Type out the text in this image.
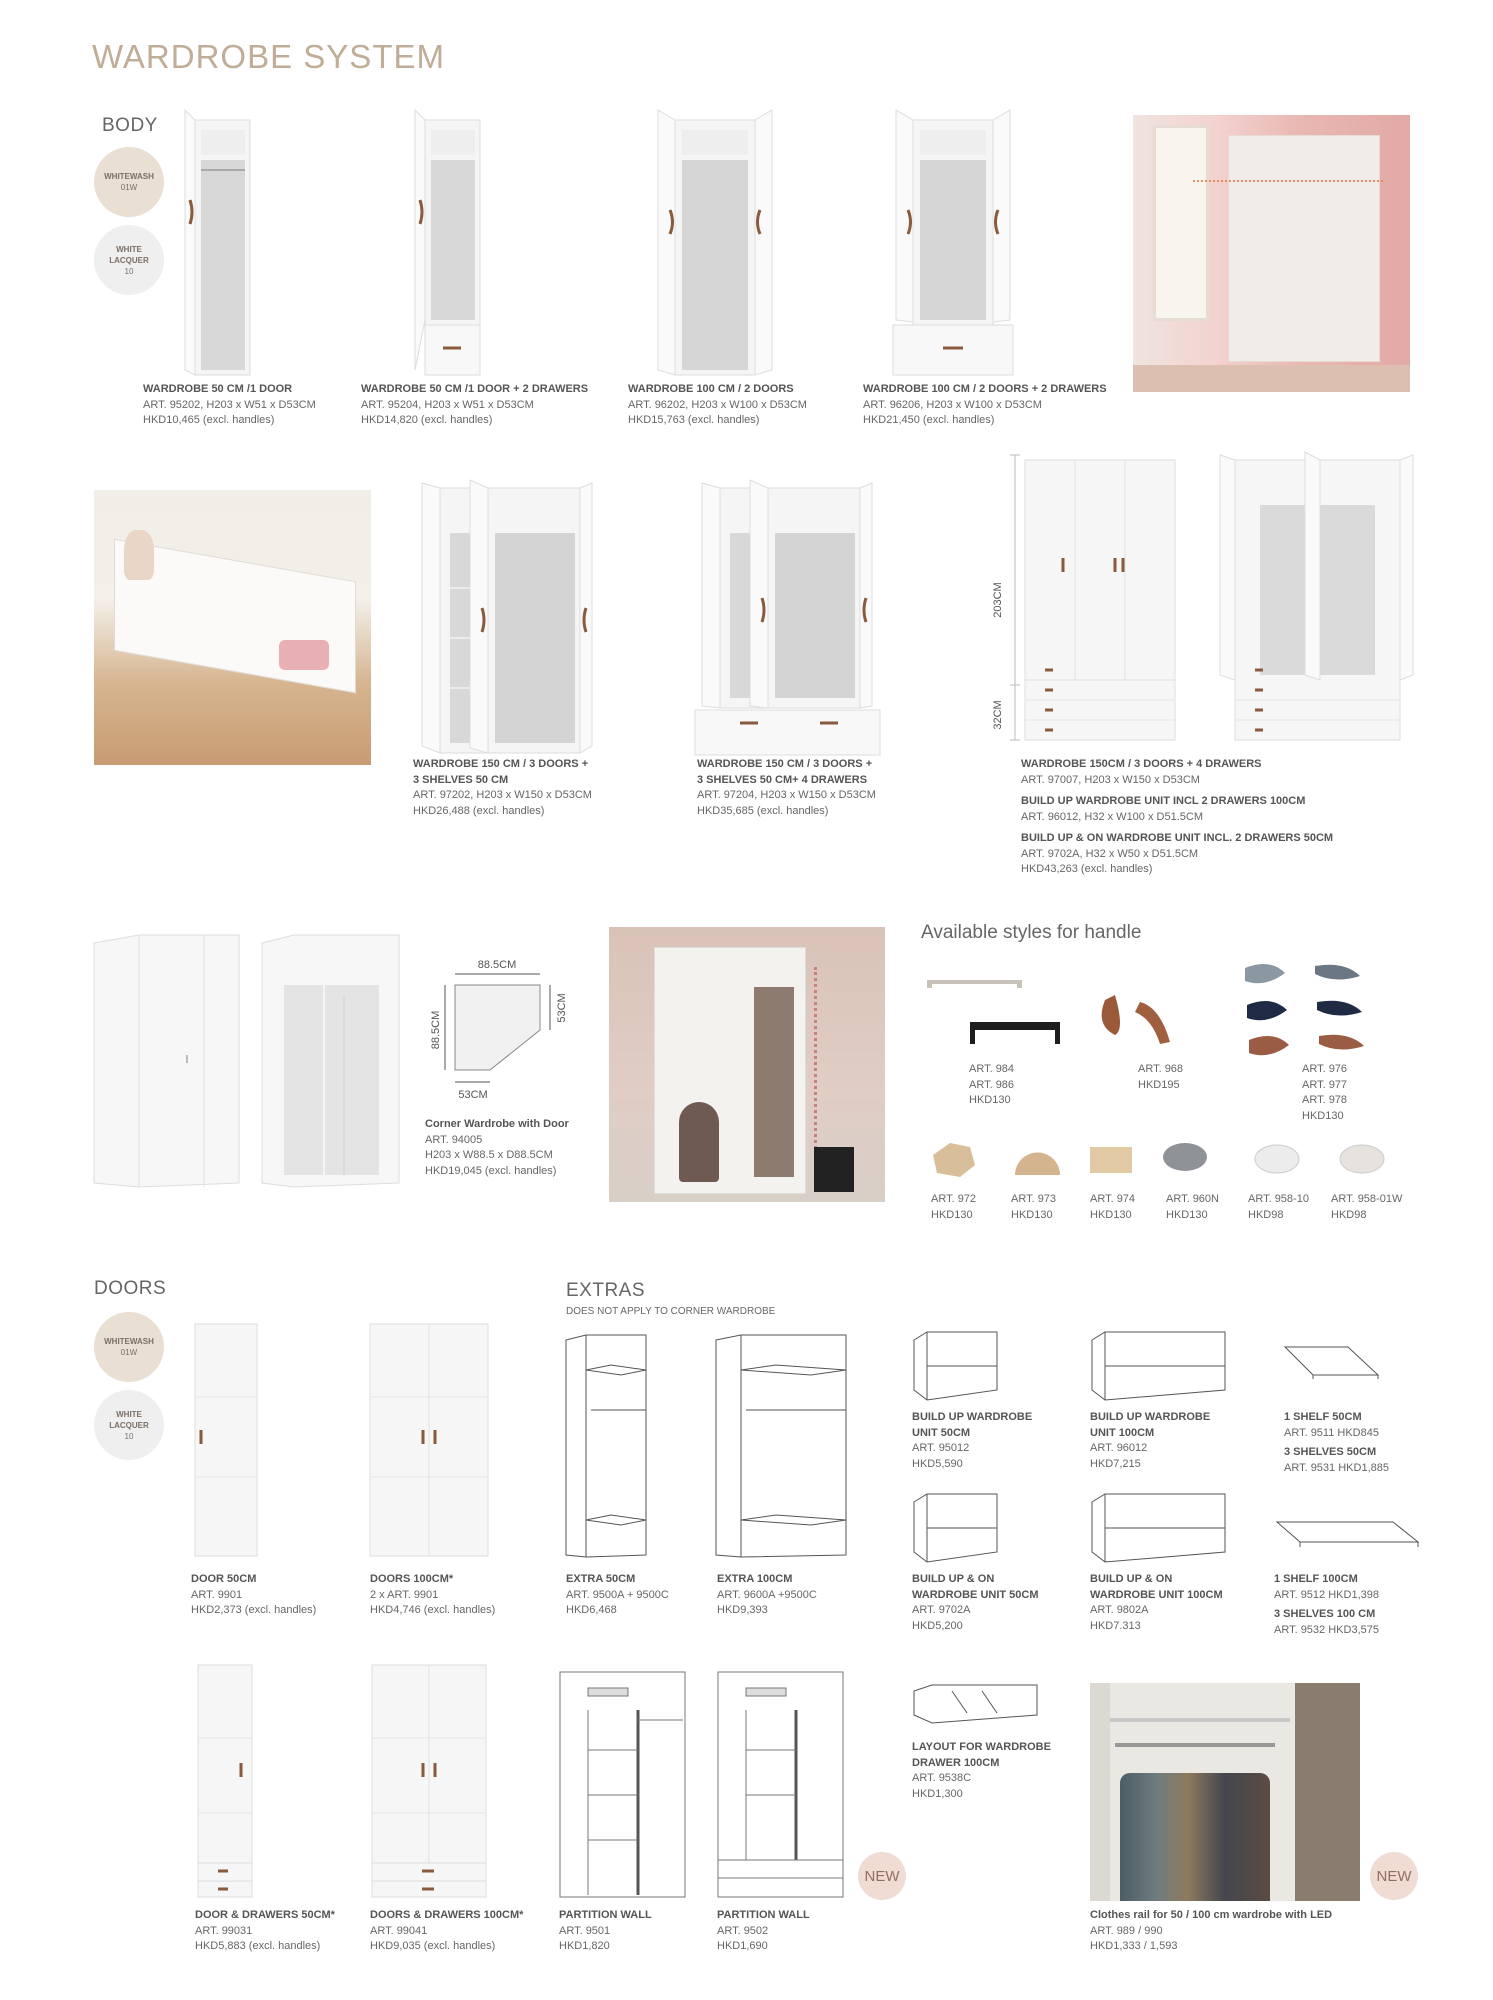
WARDROBE SYSTEM
BODY
WHITEWASH
01W
WHITE LACQUER
10
WARDROBE 50 CM /1 DOOR
ART. 95202, H203 x W51 x D53CM
HKD10,465 (excl. handles)
WARDROBE 50 CM /1 DOOR + 2 DRAWERS
ART. 95204, H203 x W51 x D53CM
HKD14,820 (excl. handles)
WARDROBE 100 CM / 2 DOORS
ART. 96202, H203 x W100 x D53CM
HKD15,763 (excl. handles)
WARDROBE 100 CM / 2 DOORS + 2 DRAWERS
ART. 96206, H203 x W100 x D53CM
HKD21,450 (excl. handles)
203CM
32CM
WARDROBE 150 CM / 3 DOORS +
3 SHELVES 50 CM
ART. 97202, H203 x W150 x D53CM
HKD26,488 (excl. handles)
WARDROBE 150 CM / 3 DOORS +
3 SHELVES 50 CM+ 4 DRAWERS
ART. 97204, H203 x W150 x D53CM
HKD35,685 (excl. handles)
WARDROBE 150CM / 3 DOORS + 4 DRAWERS
ART. 97007, H203 x W150 x D53CM
BUILD UP WARDROBE UNIT INCL 2 DRAWERS 100CM
ART. 96012, H32 x W100 x D51.5CM
BUILD UP & ON WARDROBE UNIT INCL. 2 DRAWERS 50CM
ART. 9702A, H32 x W50 x D51.5CM
HKD43,263 (excl. handles)
88.5CM
88.5CM
53CM
53CM
Corner Wardrobe with Door
ART. 94005
H203 x W88.5 x D88.5CM
HKD19,045 (excl. handles)
Available styles for handle
ART. 984
ART. 986
HKD130
ART. 968
HKD195
ART. 976
ART. 977
ART. 978
HKD130
ART. 972
HKD130
ART. 973
HKD130
ART. 974
HKD130
ART. 960N
HKD130
ART. 958-10
HKD98
ART. 958-01W
HKD98
DOORS
WHITEWASH
01W
WHITE LACQUER
10
DOOR 50CM
ART. 9901
HKD2,373 (excl. handles)
DOORS 100CM*
2 x ART. 9901
HKD4,746 (excl. handles)
DOOR & DRAWERS 50CM*
ART. 99031
HKD5,883 (excl. handles)
DOORS & DRAWERS 100CM*
ART. 99041
HKD9,035 (excl. handles)
EXTRAS
DOES NOT APPLY TO CORNER WARDROBE
EXTRA 50CM
ART. 9500A + 9500C
HKD6,468
EXTRA 100CM
ART. 9600A +9500C
HKD9,393
NEW
PARTITION WALL
ART. 9501
HKD1,820
PARTITION WALL
ART. 9502
HKD1,690
BUILD UP WARDROBE
UNIT 50CM
ART. 95012
HKD5,590
BUILD UP WARDROBE
UNIT 100CM
ART. 96012
HKD7,215
BUILD UP & ON
WARDROBE UNIT 50CM
ART. 9702A
HKD5,200
BUILD UP & ON
WARDROBE UNIT 100CM
ART. 9802A
HKD7.313
LAYOUT FOR WARDROBE
DRAWER 100CM
ART. 9538C
HKD1,300
1 SHELF 50CM
ART. 9511 HKD845
3 SHELVES 50CM
ART. 9531 HKD1,885
1 SHELF 100CM
ART. 9512 HKD1,398
3 SHELVES 100 CM
ART. 9532 HKD3,575
NEW
Clothes rail for 50 / 100 cm wardrobe with LED
ART. 989 / 990
HKD1,333 / 1,593
